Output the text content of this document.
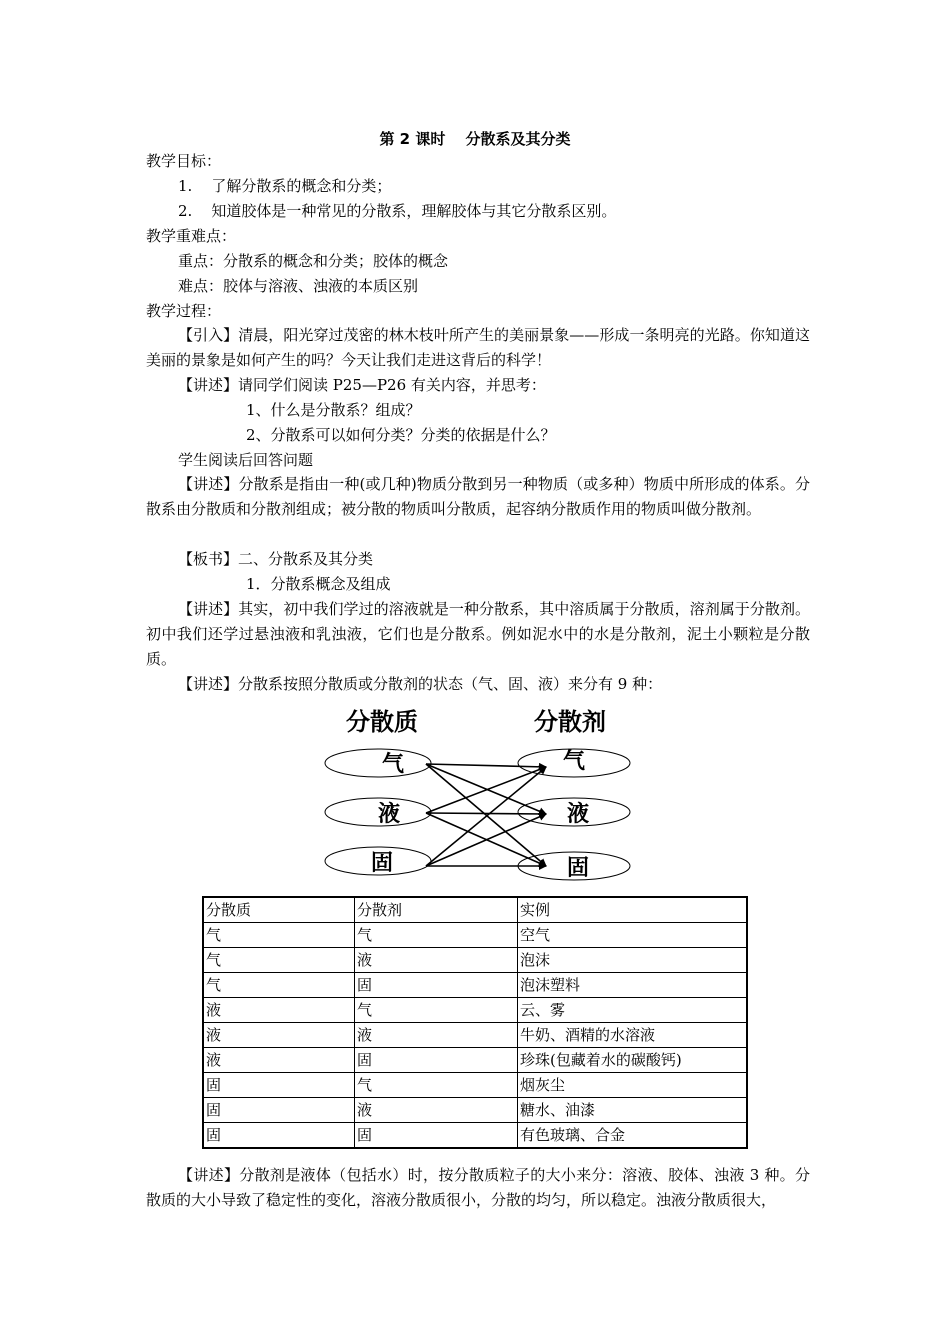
第 2 课时　 分散系及其分类
教学目标：
1. 了解分散系的概念和分类；
2. 知道胶体是一种常见的分散系，理解胶体与其它分散系区别。
教学重难点：
重点：分散系的概念和分类；胶体的概念
难点：胶体与溶液、浊液的本质区别
教学过程：
【引入】清晨，阳光穿过茂密的林木枝叶所产生的美丽景象——形成一条明亮的光路。你知道这美丽的景象是如何产生的吗？今天让我们走进这背后的科学！
【讲述】请同学们阅读 P25—P26 有关内容，并思考：
1、什么是分散系？组成？
2、分散系可以如何分类？分类的依据是什么？
学生阅读后回答问题
【讲述】分散系是指由一种(或几种)物质分散到另一种物质（或多种）物质中所形成的体系。分散系由分散质和分散剂组成；被分散的物质叫分散质，起容纳分散质作用的物质叫做分散剂。
【板书】二、分散系及其分类
1．分散系概念及组成
【讲述】其实，初中我们学过的溶液就是一种分散系，其中溶质属于分散质，溶剂属于分散剂。初中我们还学过悬浊液和乳浊液，它们也是分散系。例如泥水中的水是分散剂，泥土小颗粒是分散质。
【讲述】分散系按照分散质或分散剂的状态（气、固、液）来分有 9 种：
分散质	分散剂
气
液
固
气
液
固
分散质	分散剂	实例
气	气	空气
气	液	泡沫
气	固	泡沫塑料
液	气	云、雾
液	液	牛奶、酒精的水溶液
液	固	珍珠(包藏着水的碳酸钙)
固	气	烟灰尘
固	液	糖水、油漆
固	固	有色玻璃、合金
【讲述】分散剂是液体（包括水）时，按分散质粒子的大小来分：溶液、胶体、浊液 3 种。分散质的大小导致了稳定性的变化，溶液分散质很小，分散的均匀，所以稳定。浊液分散质很大，
